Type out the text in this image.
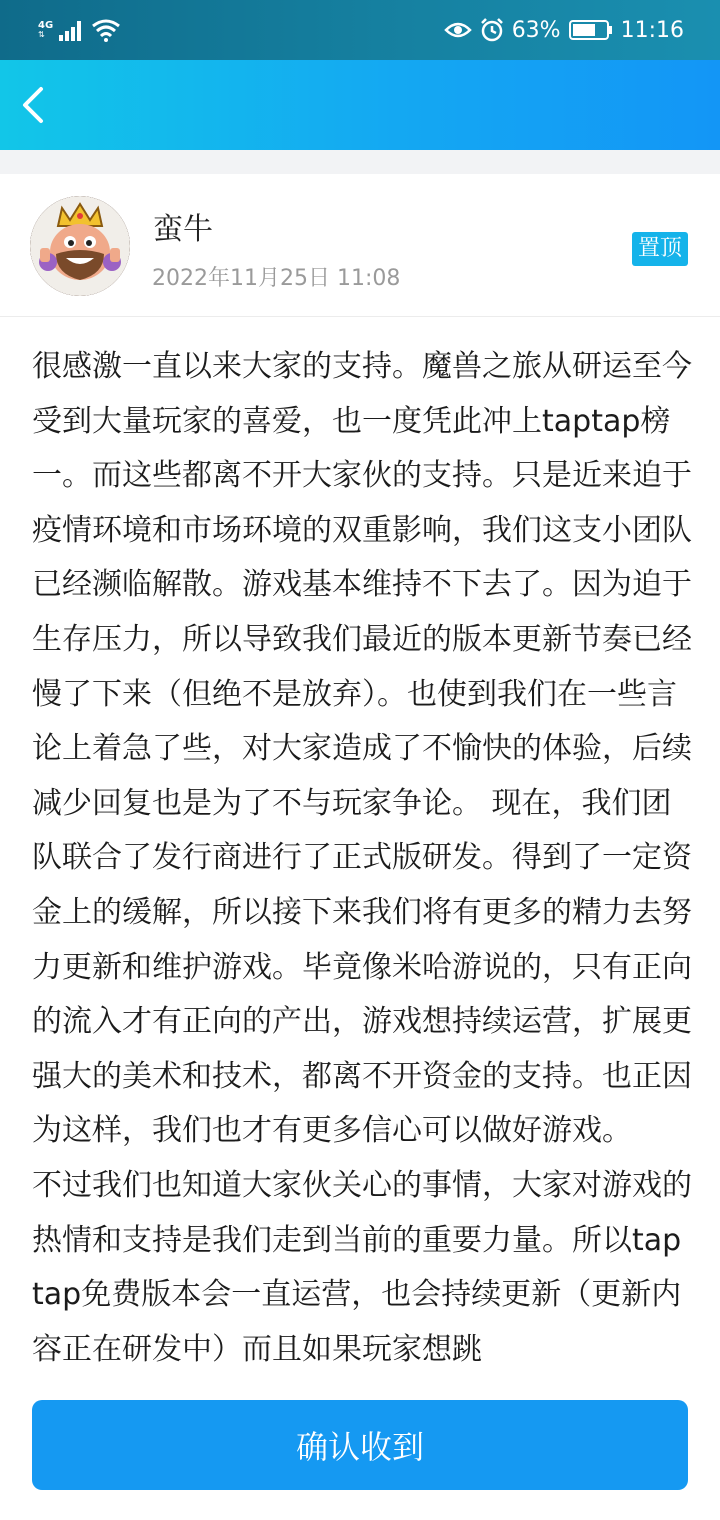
4G
⇅	63%	11:16
蛮牛
2022年11月25日 11:08
置顶

很感激一直以来大家的支持。魔兽之旅从研运至今受到大量玩家的喜爱，也一度凭此冲上taptap榜一。而这些都离不开大家伙的支持。只是近来迫于疫情环境和市场环境的双重影响，我们这支小团队已经濒临解散。游戏基本维持不下去了。因为迫于生存压力，所以导致我们最近的版本更新节奏已经慢了下来（但绝不是放弃）。也使到我们在一些言论上着急了些，对大家造成了不愉快的体验，后续减少回复也是为了不与玩家争论。 现在，我们团队联合了发行商进行了正式版研发。得到了一定资金上的缓解，所以接下来我们将有更多的精力去努力更新和维护游戏。毕竟像米哈游说的，只有正向的流入才有正向的产出，游戏想持续运营，扩展更强大的美术和技术，都离不开资金的支持。也正因为这样，我们也才有更多信心可以做好游戏。

不过我们也知道大家伙关心的事情，大家对游戏的热情和支持是我们走到当前的重要力量。所以taptap免费版本会一直运营，也会持续更新（更新内容正在研发中）而且如果玩家想跳

确认收到
